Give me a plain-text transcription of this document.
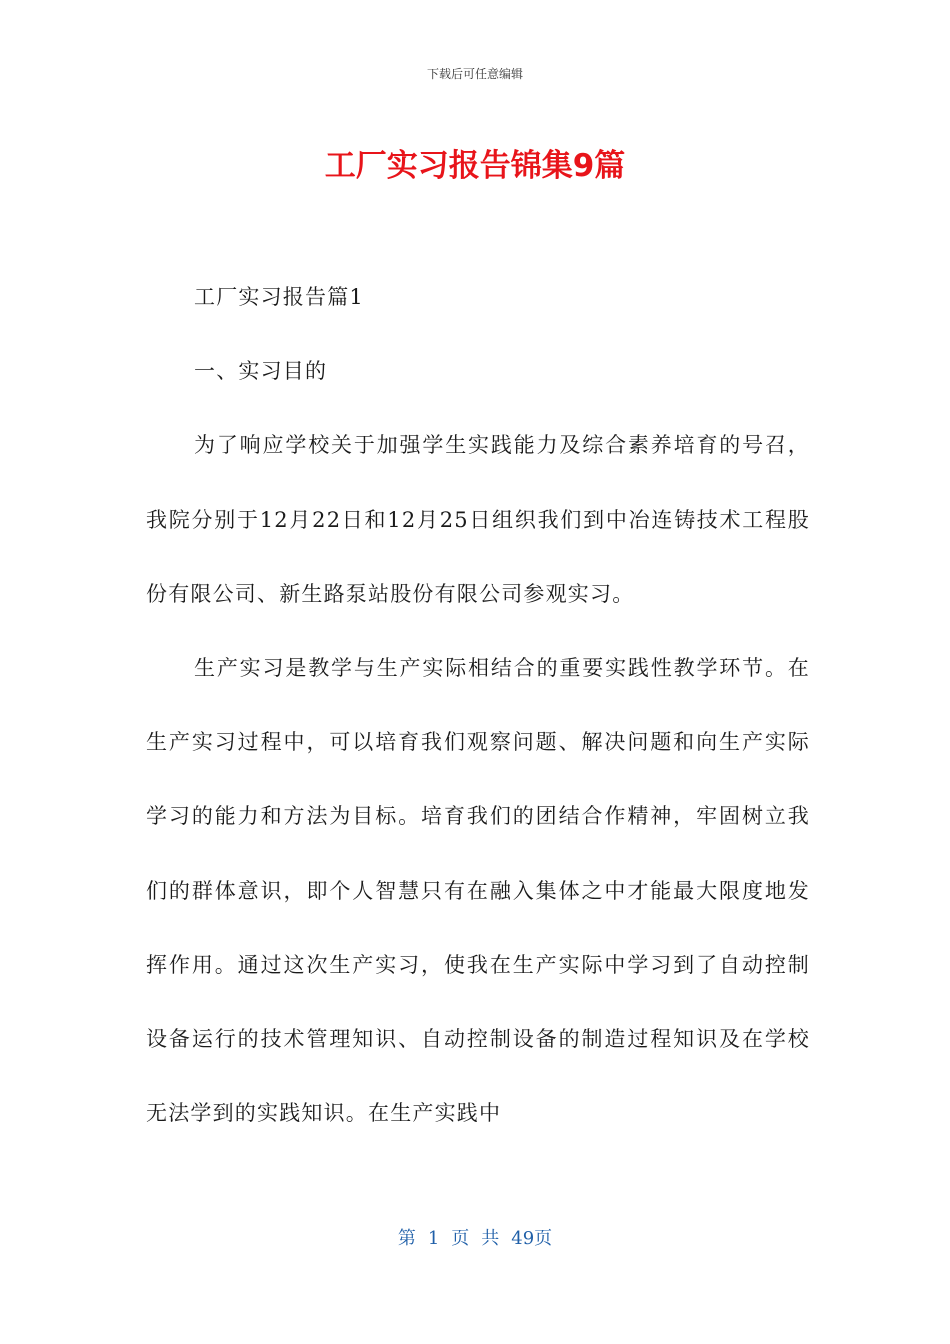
下载后可任意编辑
工厂实习报告锦集9篇

工厂实习报告篇1

一、实习目的

为了响应学校关于加强学生实践能力及综合素养培育的号召，我院分别于12月22日和12月25日组织我们到中冶连铸技术工程股份有限公司、新生路泵站股份有限公司参观实习。

生产实习是教学与生产实际相结合的重要实践性教学环节。在生产实习过程中，可以培育我们观察问题、解决问题和向生产实际学习的能力和方法为目标。培育我们的团结合作精神，牢固树立我们的群体意识，即个人智慧只有在融入集体之中才能最大限度地发挥作用。通过这次生产实习，使我在生产实际中学习到了自动控制设备运行的技术管理知识、自动控制设备的制造过程知识及在学校无法学到的实践知识。在生产实践中

第 1 页 共 49页
